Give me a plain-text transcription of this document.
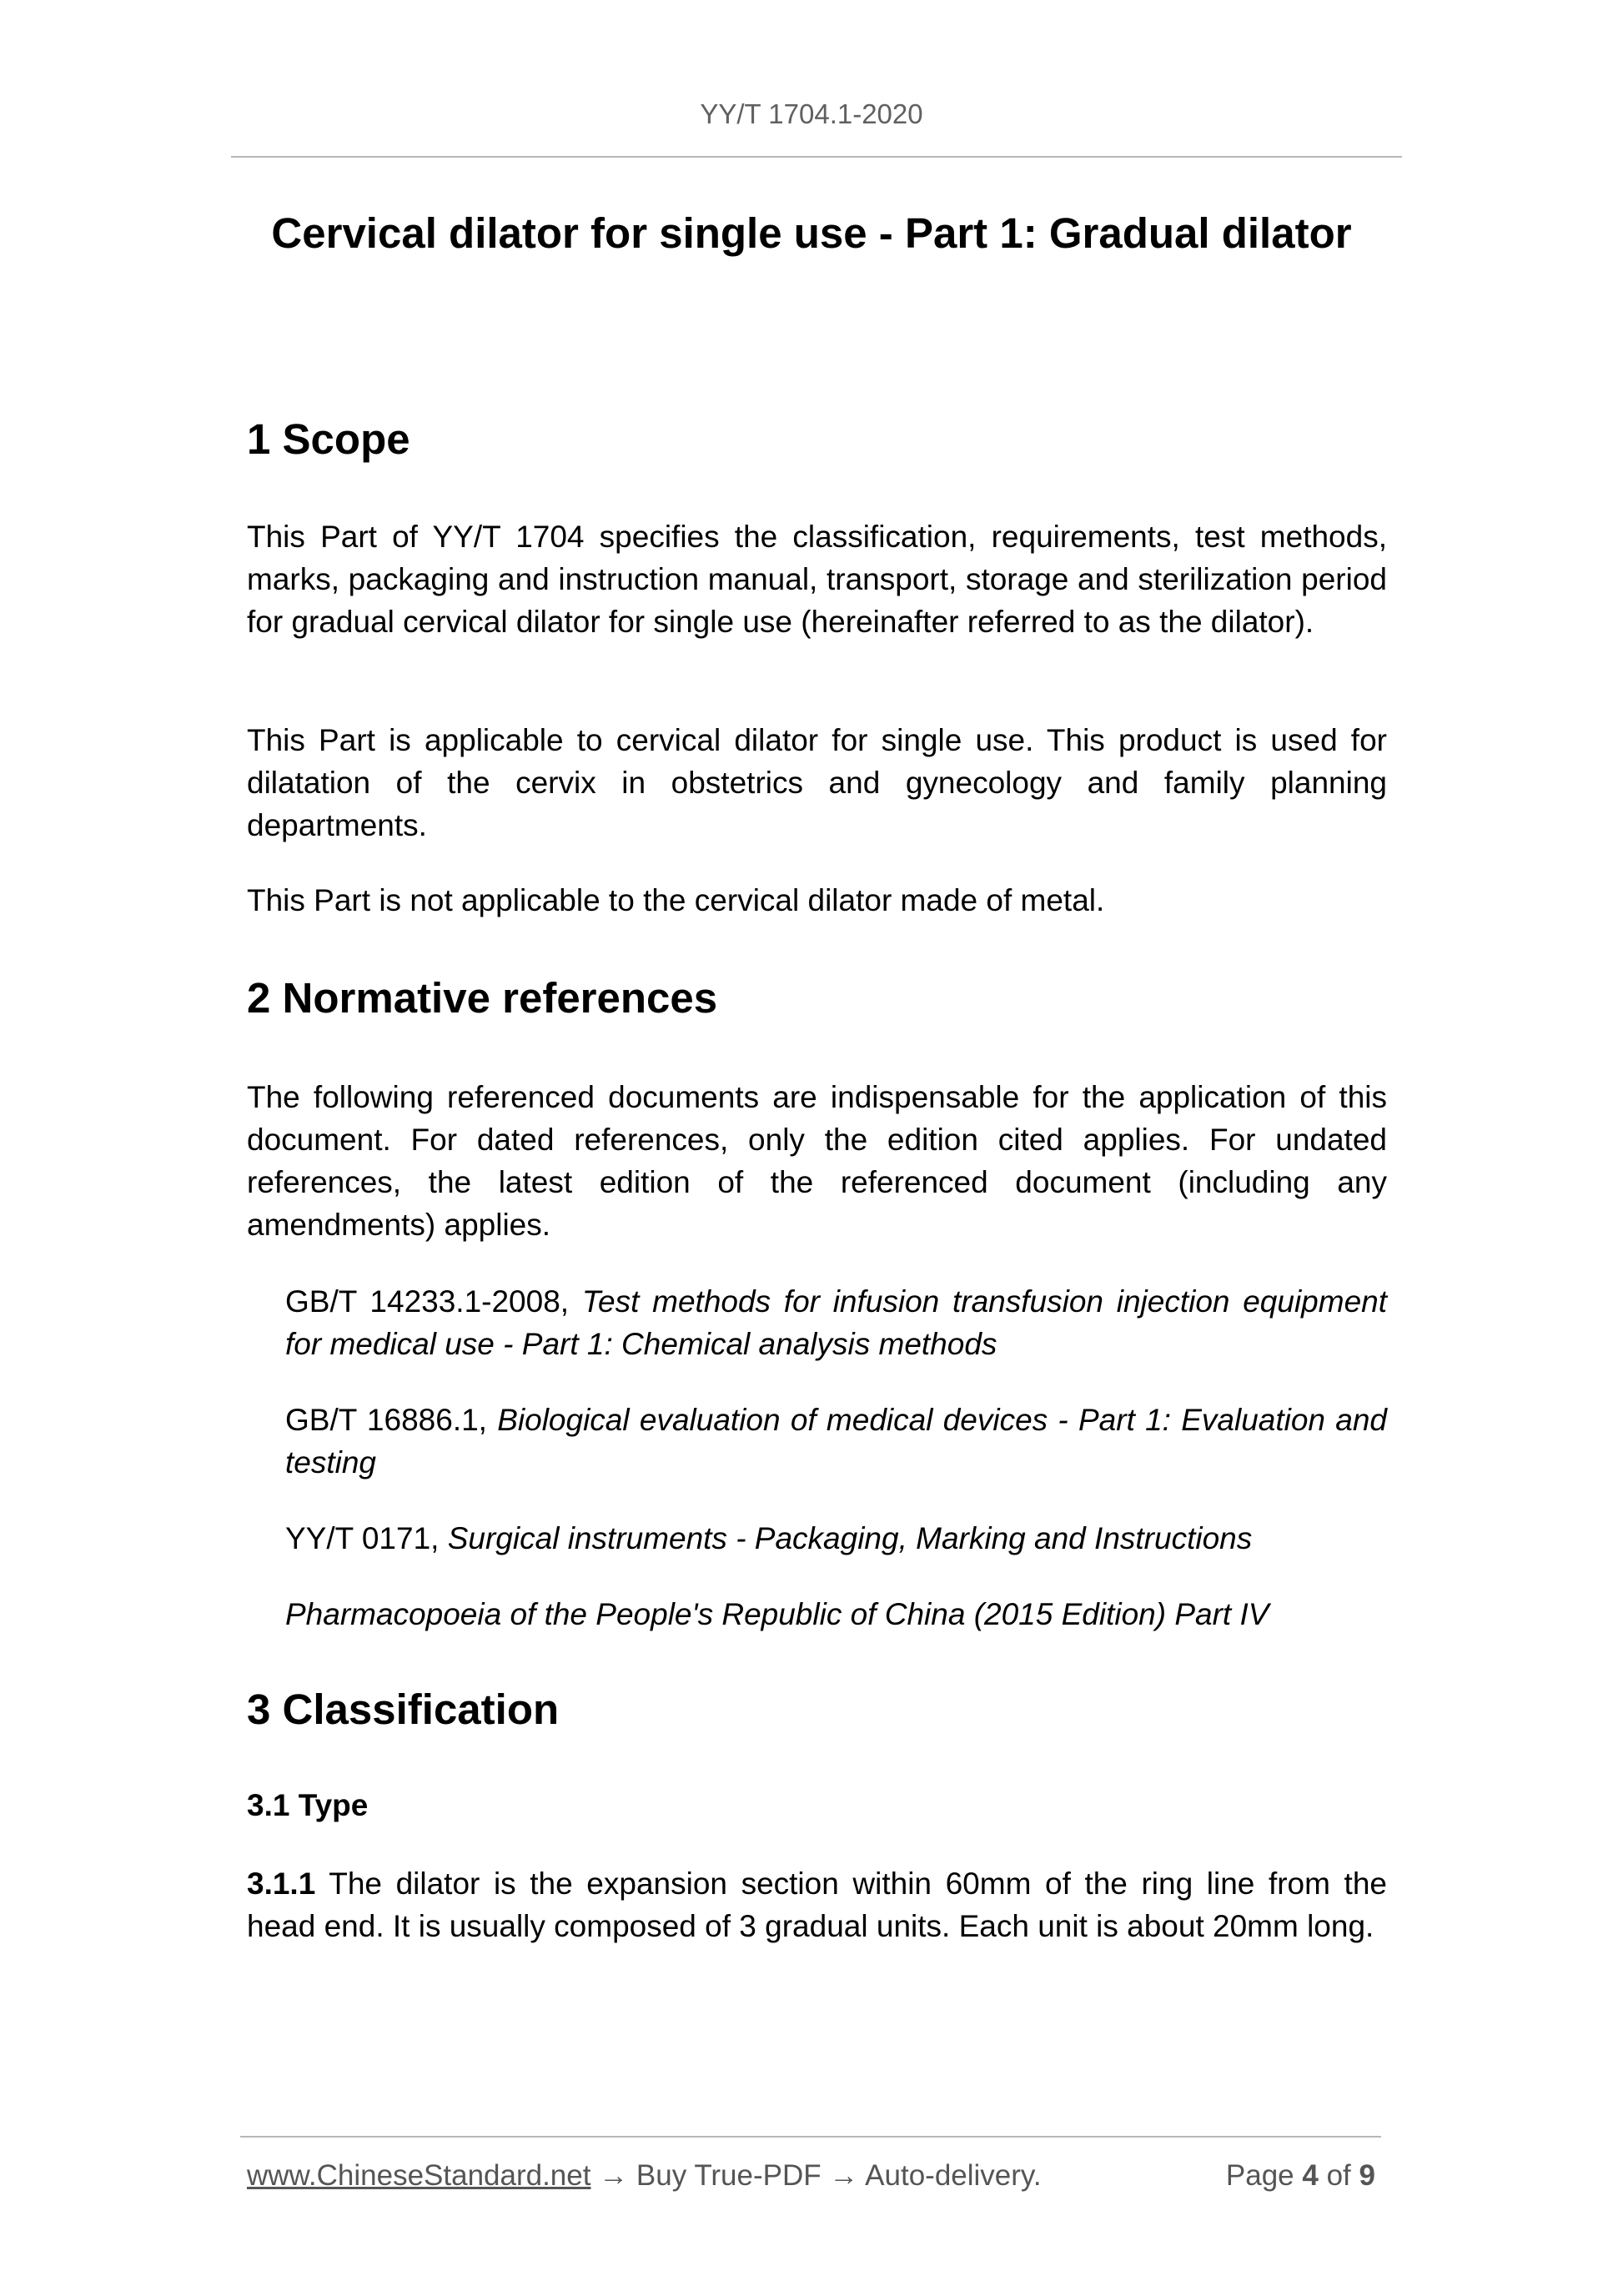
YY/T 1704.1-2020
Cervical dilator for single use - Part 1: Gradual dilator
1 Scope
This Part of YY/T 1704 specifies the classification, requirements, test methods, marks, packaging and instruction manual, transport, storage and sterilization period for gradual cervical dilator for single use (hereinafter referred to as the dilator).
This Part is applicable to cervical dilator for single use. This product is used for dilatation of the cervix in obstetrics and gynecology and family planning departments.
This Part is not applicable to the cervical dilator made of metal.
2 Normative references
The following referenced documents are indispensable for the application of this document. For dated references, only the edition cited applies. For undated references, the latest edition of the referenced document (including any amendments) applies.
GB/T 14233.1-2008, Test methods for infusion transfusion injection equipment for medical use - Part 1: Chemical analysis methods
GB/T 16886.1, Biological evaluation of medical devices - Part 1: Evaluation and testing
YY/T 0171, Surgical instruments - Packaging, Marking and Instructions
Pharmacopoeia of the People's Republic of China (2015 Edition) Part IV
3 Classification
3.1 Type
3.1.1 The dilator is the expansion section within 60mm of the ring line from the head end. It is usually composed of 3 gradual units. Each unit is about 20mm long.
www.ChineseStandard.net → Buy True-PDF → Auto-delivery.	Page 4 of 9
